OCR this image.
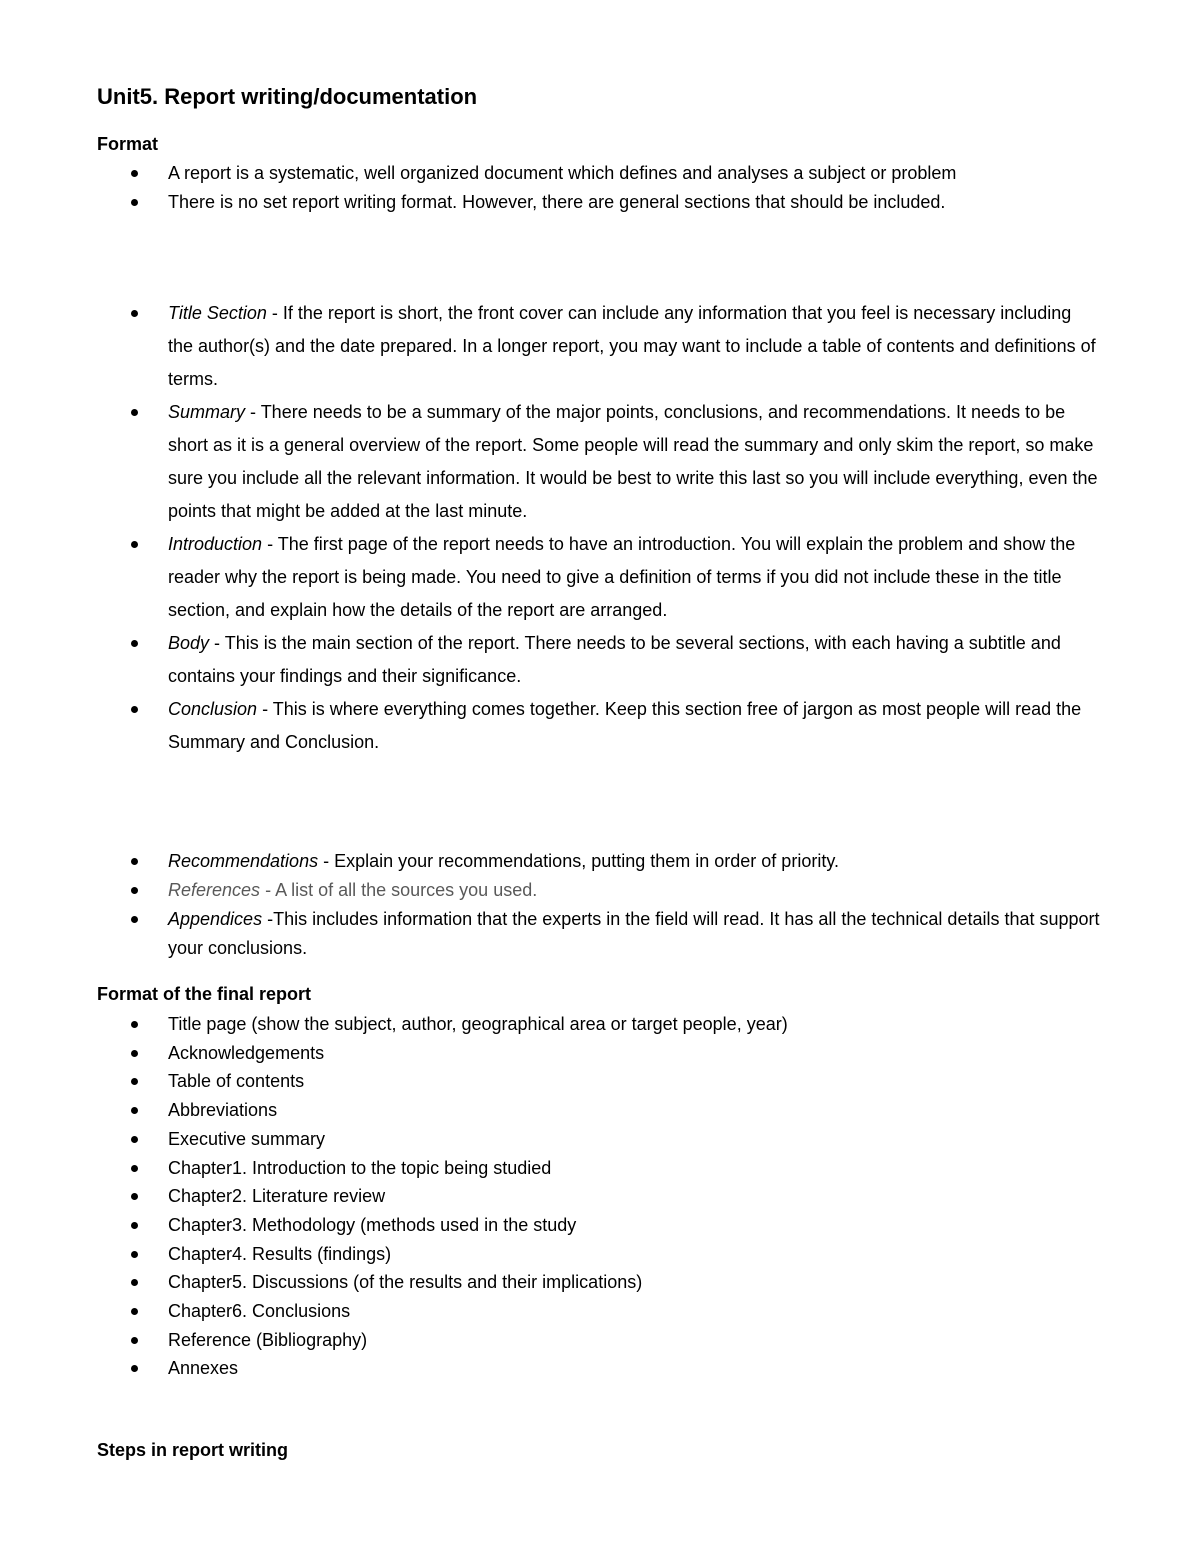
Unit5. Report writing/documentation
Format
A report is a systematic, well organized document which defines and analyses a subject or problem
There is no set report writing format. However, there are general sections that should be included.
Title Section - If the report is short, the front cover can include any information that you feel is necessary including the author(s) and the date prepared. In a longer report, you may want to include a table of contents and definitions of terms.
Summary - There needs to be a summary of the major points, conclusions, and recommendations. It needs to be short as it is a general overview of the report. Some people will read the summary and only skim the report, so make sure you include all the relevant information. It would be best to write this last so you will include everything, even the points that might be added at the last minute.
Introduction - The first page of the report needs to have an introduction. You will explain the problem and show the reader why the report is being made. You need to give a definition of terms if you did not include these in the title section, and explain how the details of the report are arranged.
Body - This is the main section of the report. There needs to be several sections, with each having a subtitle and contains your findings and their significance.
Conclusion - This is where everything comes together. Keep this section free of jargon as most people will read the Summary and Conclusion.
Recommendations - Explain your recommendations, putting them in order of priority.
References - A list of all the sources you used.
Appendices -This includes information that the experts in the field will read. It has all the technical details that support your conclusions.
Format of the final report
Title page (show the subject, author, geographical area or target people, year)
Acknowledgements
Table of contents
Abbreviations
Executive summary
Chapter1. Introduction to the topic being studied
Chapter2. Literature review
Chapter3. Methodology (methods used in the study
Chapter4. Results (findings)
Chapter5. Discussions (of the results and their implications)
Chapter6. Conclusions
Reference (Bibliography)
Annexes
Steps in report writing
